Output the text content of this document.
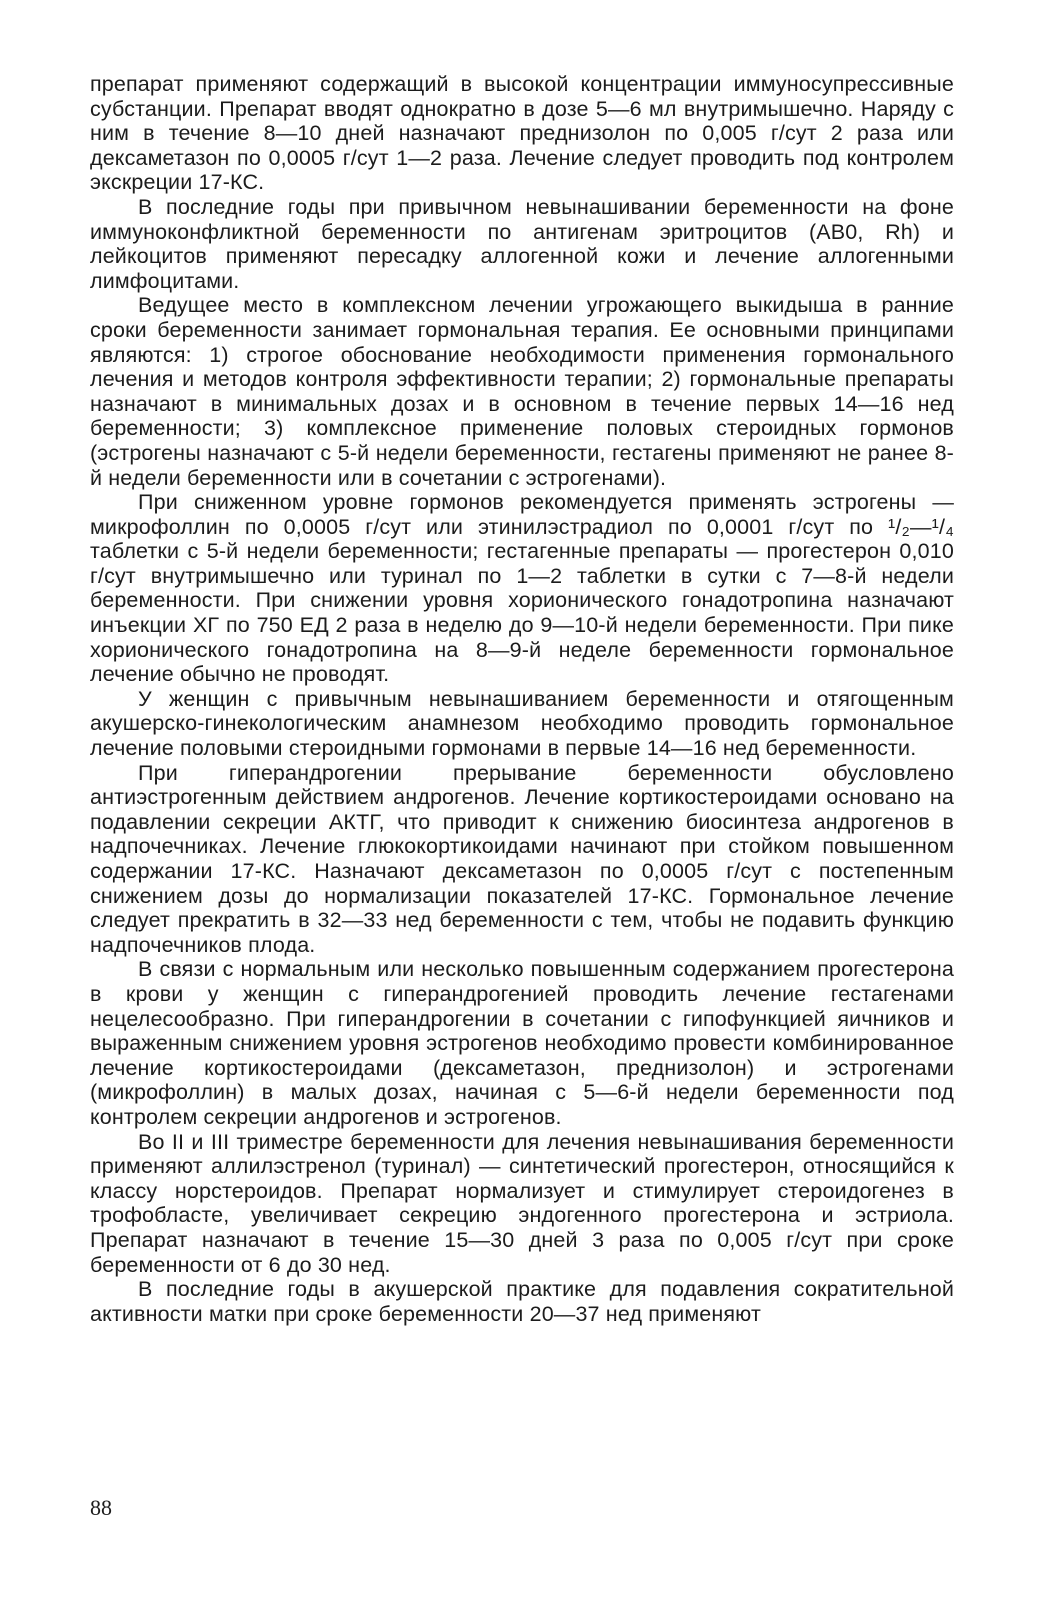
препарат применяют содержащий в высокой концентрации иммуносупрессивные субстанции. Препарат вводят однократно в дозе 5—6 мл внутримышечно. Наряду с ним в течение 8—10 дней назначают преднизолон по 0,005 г/сут 2 раза или дексаметазон по 0,0005 г/сут 1—2 раза. Лечение следует проводить под контролем экскреции 17-КС.

В последние годы при привычном невынашивании беременности на фоне иммуноконфликтной беременности по антигенам эритроцитов (АВ0, Rh) и лейкоцитов применяют пересадку аллогенной кожи и лечение аллогенными лимфоцитами.

Ведущее место в комплексном лечении угрожающего выкидыша в ранние сроки беременности занимает гормональная терапия. Ее основными принципами являются: 1) строгое обоснование необходимости применения гормонального лечения и методов контроля эффективности терапии; 2) гормональные препараты назначают в минимальных дозах и в основном в течение первых 14—16 нед беременности; 3) комплексное применение половых стероидных гормонов (эстрогены назначают с 5-й недели беременности, гестагены применяют не ранее 8-й недели беременности или в сочетании с эстрогенами).

При сниженном уровне гормонов рекомендуется применять эстрогены — микрофоллин по 0,0005 г/сут или этинилэстрадиол по 0,0001 г/сут по ¹/₂—¹/₄ таблетки с 5-й недели беременности; гестагенные препараты — прогестерон 0,010 г/сут внутримышечно или туринал по 1—2 таблетки в сутки с 7—8-й недели беременности. При снижении уровня хорионического гонадотропина назначают инъекции ХГ по 750 ЕД 2 раза в неделю до 9—10-й недели беременности. При пике хорионического гонадотропина на 8—9-й неделе беременности гормональное лечение обычно не проводят.

У женщин с привычным невынашиванием беременности и отягощенным акушерско-гинекологическим анамнезом необходимо проводить гормональное лечение половыми стероидными гормонами в первые 14—16 нед беременности.

При гиперандрогении прерывание беременности обусловлено антиэстрогенным действием андрогенов. Лечение кортикостероидами основано на подавлении секреции АКТГ, что приводит к снижению биосинтеза андрогенов в надпочечниках. Лечение глюкокортикоидами начинают при стойком повышенном содержании 17-КС. Назначают дексаметазон по 0,0005 г/сут с постепенным снижением дозы до нормализации показателей 17-КС. Гормональное лечение следует прекратить в 32—33 нед беременности с тем, чтобы не подавить функцию надпочечников плода.

В связи с нормальным или несколько повышенным содержанием прогестерона в крови у женщин с гиперандрогенией проводить лечение гестагенами нецелесообразно. При гиперандрогении в сочетании с гипофункцией яичников и выраженным снижением уровня эстрогенов необходимо провести комбинированное лечение кортикостероидами (дексаметазон, преднизолон) и эстрогенами (микрофоллин) в малых дозах, начиная с 5—6-й недели беременности под контролем секреции андрогенов и эстрогенов.

Во II и III триместре беременности для лечения невынашивания беременности применяют аллилэстренол (туринал) — синтетический прогестерон, относящийся к классу норстероидов. Препарат нормализует и стимулирует стероидогенез в трофобласте, увеличивает секрецию эндогенного прогестерона и эстриола. Препарат назначают в течение 15—30 дней 3 раза по 0,005 г/сут при сроке беременности от 6 до 30 нед.

В последние годы в акушерской практике для подавления сократительной активности матки при сроке беременности 20—37 нед применяют

88
